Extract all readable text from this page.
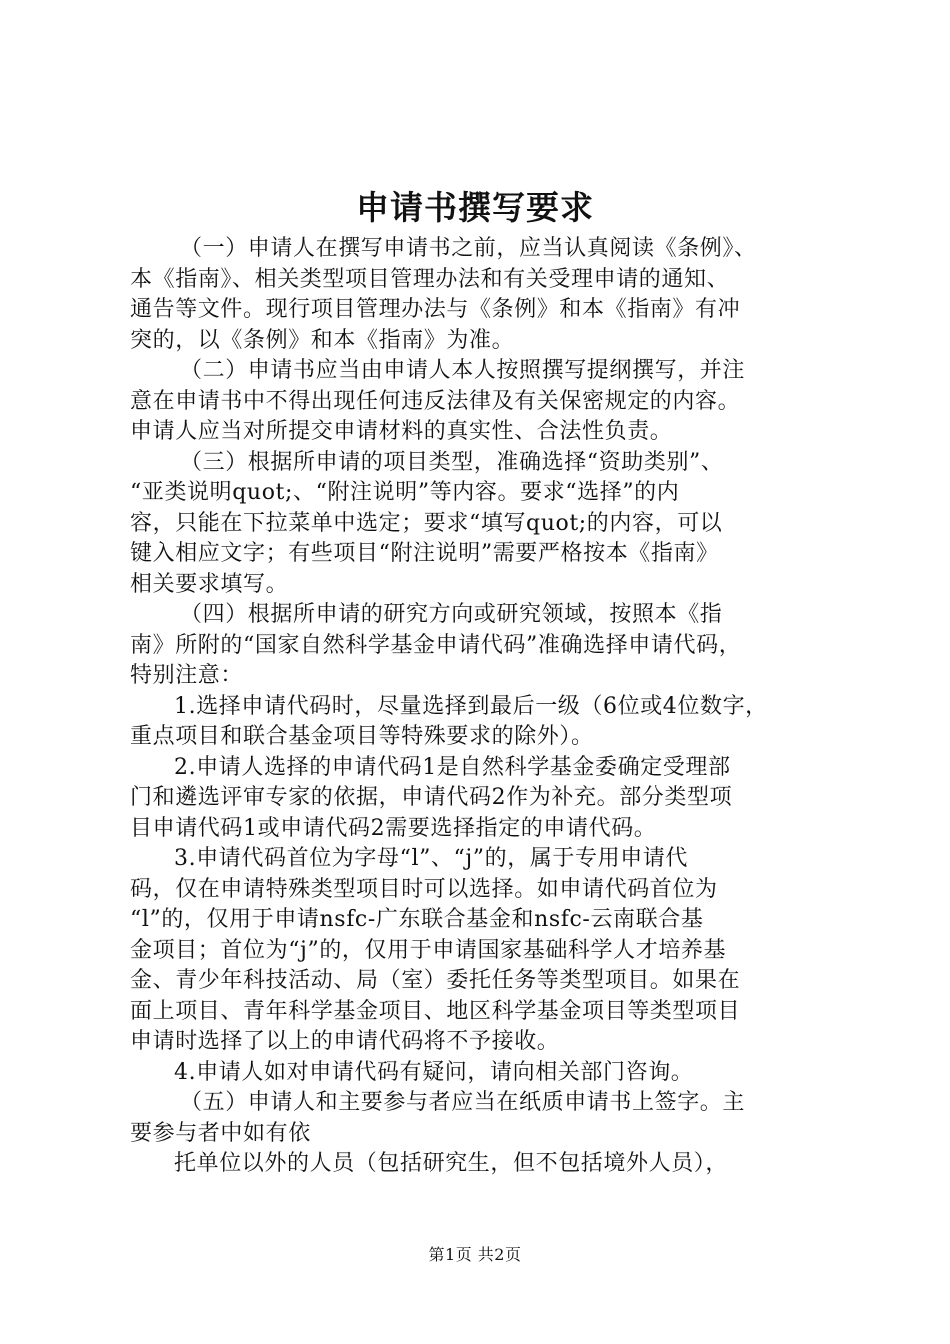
申请书撰写要求
（一）申请人在撰写申请书之前，应当认真阅读《条例》、
本《指南》、相关类型项目管理办法和有关受理申请的通知、
通告等文件。现行项目管理办法与《条例》和本《指南》有冲
突的，以《条例》和本《指南》为准。
（二）申请书应当由申请人本人按照撰写提纲撰写，并注
意在申请书中不得出现任何违反法律及有关保密规定的内容。
申请人应当对所提交申请材料的真实性、合法性负责。
（三）根据所申请的项目类型，准确选择“资助类别”、
“亚类说明quot;、“附注说明”等内容。要求“选择”的内
容，只能在下拉菜单中选定；要求“填写quot;的内容，可以
键入相应文字；有些项目“附注说明”需要严格按本《指南》
相关要求填写。
（四）根据所申请的研究方向或研究领域，按照本《指
南》所附的“国家自然科学基金申请代码”准确选择申请代码，
特别注意：
1.选择申请代码时，尽量选择到最后一级（6位或4位数字，
重点项目和联合基金项目等特殊要求的除外）。
2.申请人选择的申请代码1是自然科学基金委确定受理部
门和遴选评审专家的依据，申请代码2作为补充。部分类型项
目申请代码1或申请代码2需要选择指定的申请代码。
3.申请代码首位为字母“l”、“j”的，属于专用申请代
码，仅在申请特殊类型项目时可以选择。如申请代码首位为
“l”的，仅用于申请nsfc-广东联合基金和nsfc-云南联合基
金项目；首位为“j”的，仅用于申请国家基础科学人才培养基
金、青少年科技活动、局（室）委托任务等类型项目。如果在
面上项目、青年科学基金项目、地区科学基金项目等类型项目
申请时选择了以上的申请代码将不予接收。
4.申请人如对申请代码有疑问，请向相关部门咨询。
（五）申请人和主要参与者应当在纸质申请书上签字。主
要参与者中如有依
托单位以外的人员（包括研究生，但不包括境外人员），
第1页 共2页
